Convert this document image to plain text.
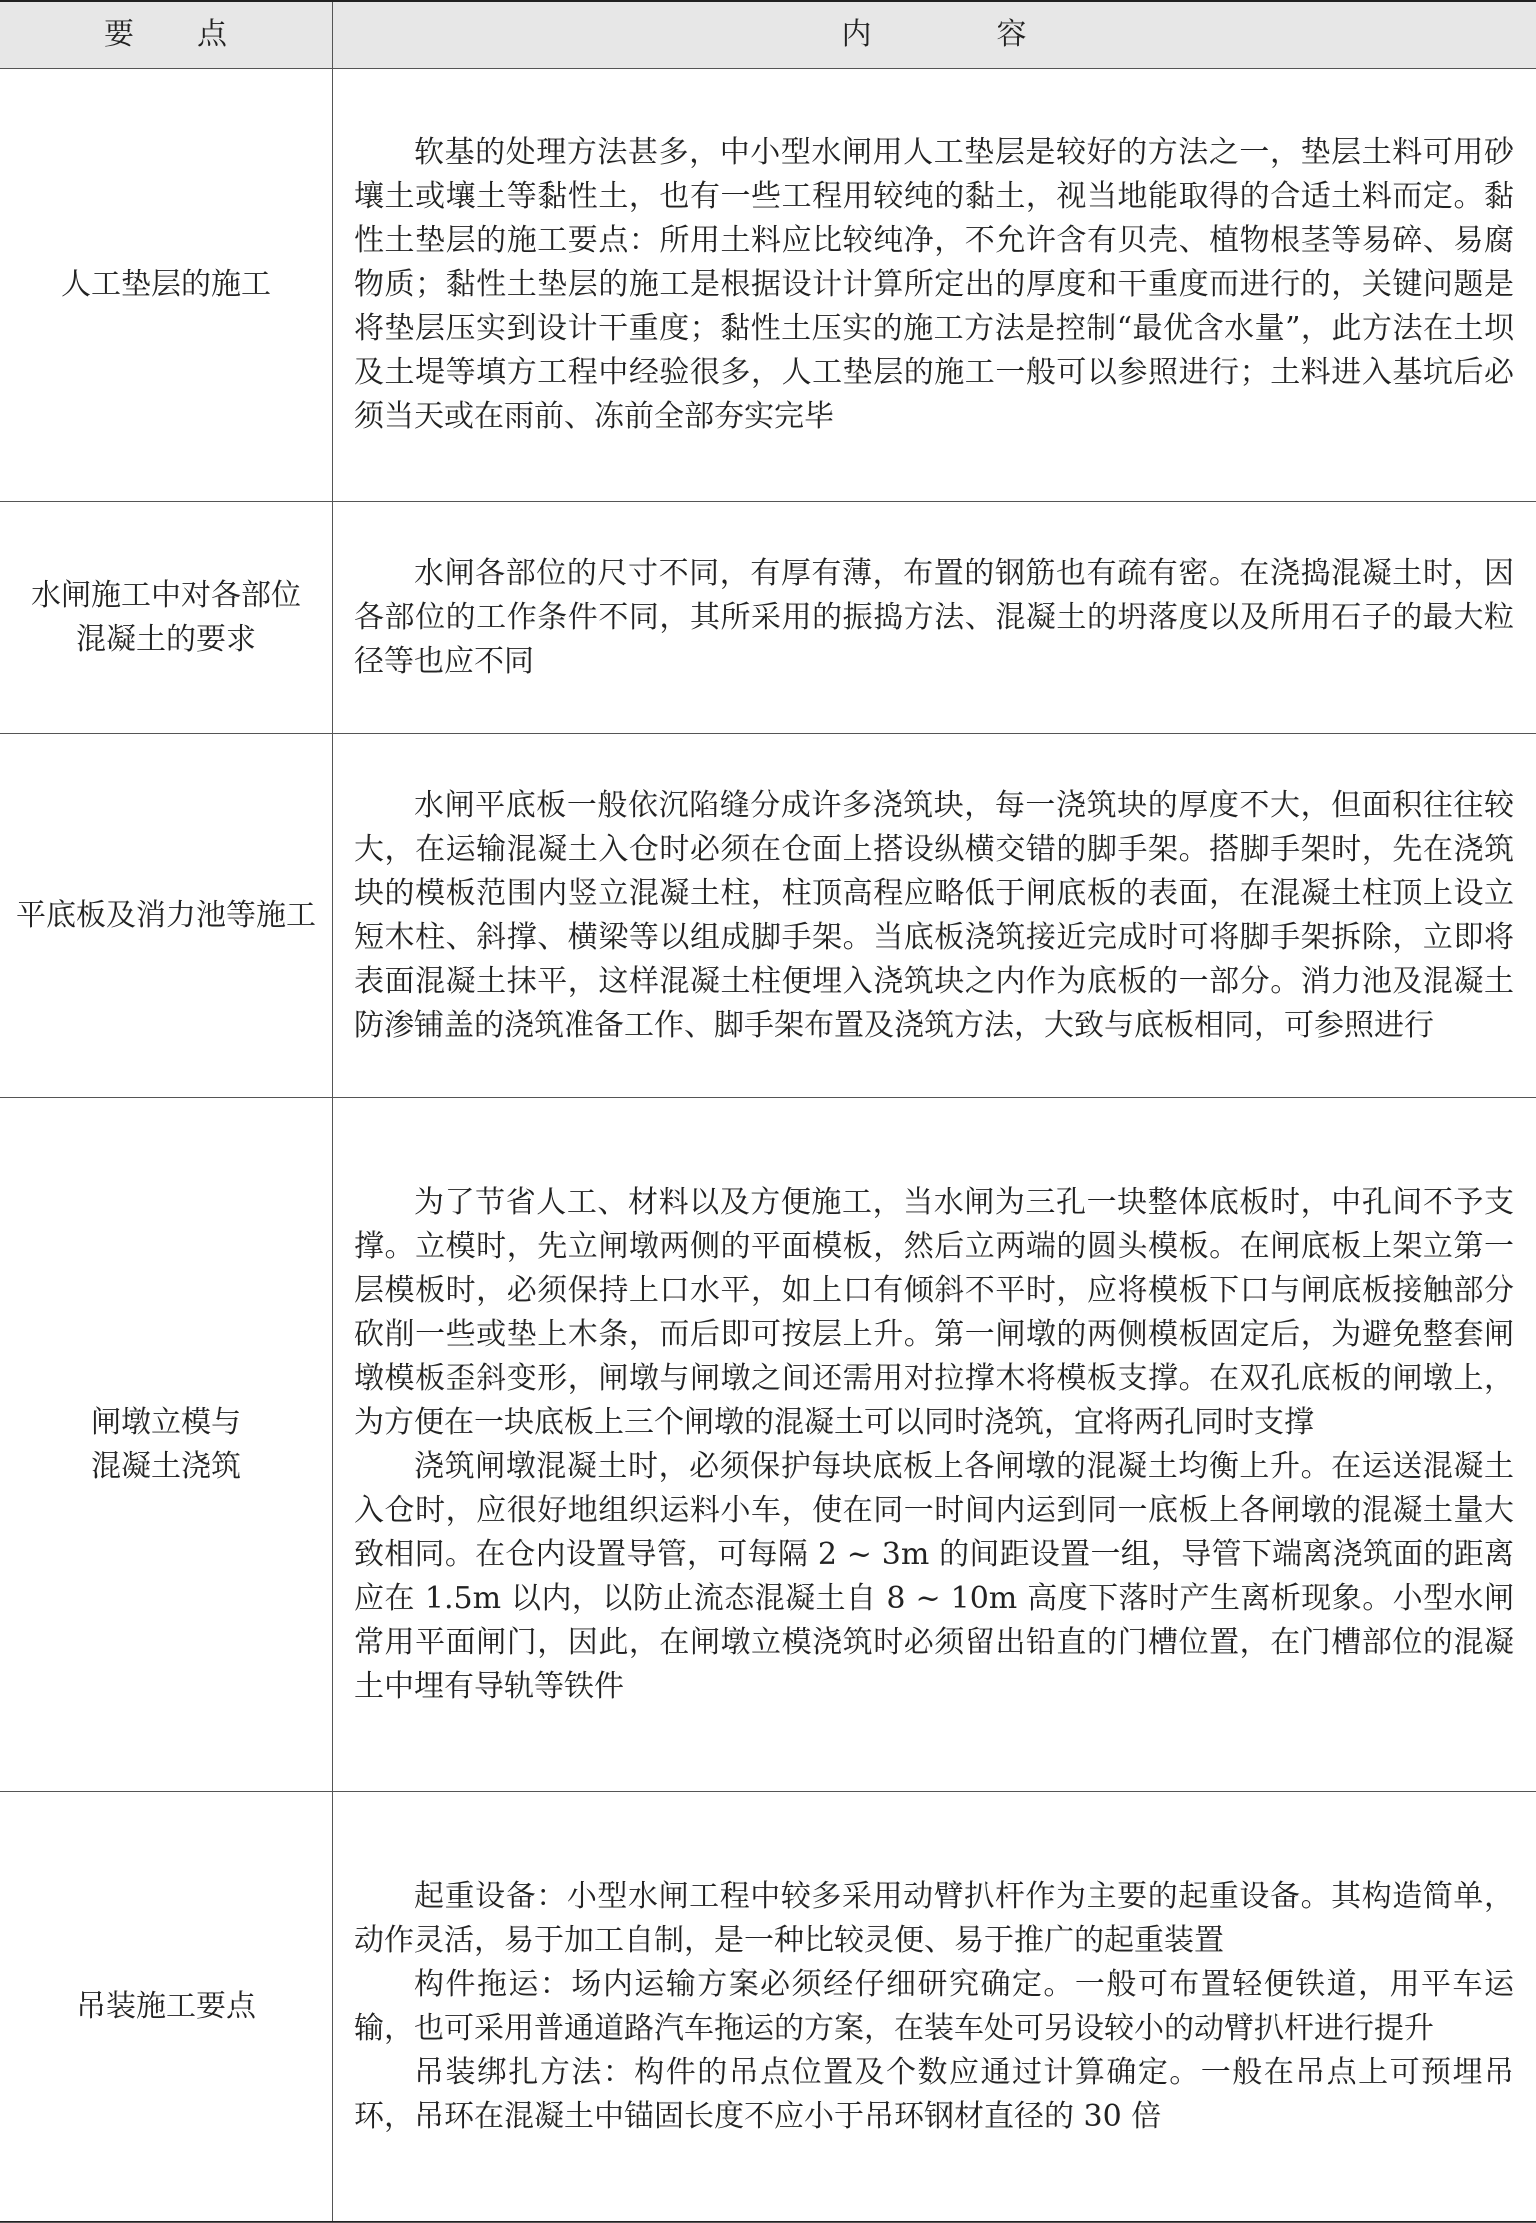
要　　点	内　　　　容
人工垫层的施工

软基的处理方法甚多，中小型水闸用人工垫层是较好的方法之一，垫层土料可用砂壤土或壤土等黏性土，也有一些工程用较纯的黏土，视当地能取得的合适土料而定。黏性土垫层的施工要点：所用土料应比较纯净，不允许含有贝壳、植物根茎等易碎、易腐物质；黏性土垫层的施工是根据设计计算所定出的厚度和干重度而进行的，关键问题是将垫层压实到设计干重度；黏性土压实的施工方法是控制“最优含水量”，此方法在土坝及土堤等填方工程中经验很多，人工垫层的施工一般可以参照进行；土料进入基坑后必须当天或在雨前、冻前全部夯实完毕

水闸施工中对各部位
混凝土的要求

水闸各部位的尺寸不同，有厚有薄，布置的钢筋也有疏有密。在浇捣混凝土时，因各部位的工作条件不同，其所采用的振捣方法、混凝土的坍落度以及所用石子的最大粒径等也应不同

平底板及消力池等施工

水闸平底板一般依沉陷缝分成许多浇筑块，每一浇筑块的厚度不大，但面积往往较大，在运输混凝土入仓时必须在仓面上搭设纵横交错的脚手架。搭脚手架时，先在浇筑块的模板范围内竖立混凝土柱，柱顶高程应略低于闸底板的表面，在混凝土柱顶上设立短木柱、斜撑、横梁等以组成脚手架。当底板浇筑接近完成时可将脚手架拆除，立即将表面混凝土抹平，这样混凝土柱便埋入浇筑块之内作为底板的一部分。消力池及混凝土防渗铺盖的浇筑准备工作、脚手架布置及浇筑方法，大致与底板相同，可参照进行

闸墩立模与
混凝土浇筑

为了节省人工、材料以及方便施工，当水闸为三孔一块整体底板时，中孔间不予支撑。立模时，先立闸墩两侧的平面模板，然后立两端的圆头模板。在闸底板上架立第一层模板时，必须保持上口水平，如上口有倾斜不平时，应将模板下口与闸底板接触部分砍削一些或垫上木条，而后即可按层上升。第一闸墩的两侧模板固定后，为避免整套闸墩模板歪斜变形，闸墩与闸墩之间还需用对拉撑木将模板支撑。在双孔底板的闸墩上，为方便在一块底板上三个闸墩的混凝土可以同时浇筑，宜将两孔同时支撑

浇筑闸墩混凝土时，必须保护每块底板上各闸墩的混凝土均衡上升。在运送混凝土入仓时，应很好地组织运料小车，使在同一时间内运到同一底板上各闸墩的混凝土量大致相同。在仓内设置导管，可每隔 2 ~ 3m 的间距设置一组，导管下端离浇筑面的距离应在 1.5m 以内，以防止流态混凝土自 8 ~ 10m 高度下落时产生离析现象。小型水闸常用平面闸门，因此，在闸墩立模浇筑时必须留出铅直的门槽位置，在门槽部位的混凝土中埋有导轨等铁件

吊装施工要点

起重设备：小型水闸工程中较多采用动臂扒杆作为主要的起重设备。其构造简单，动作灵活，易于加工自制，是一种比较灵便、易于推广的起重装置

构件拖运：场内运输方案必须经仔细研究确定。一般可布置轻便铁道，用平车运输，也可采用普通道路汽车拖运的方案，在装车处可另设较小的动臂扒杆进行提升

吊装绑扎方法：构件的吊点位置及个数应通过计算确定。一般在吊点上可预埋吊环，吊环在混凝土中锚固长度不应小于吊环钢材直径的 30 倍
